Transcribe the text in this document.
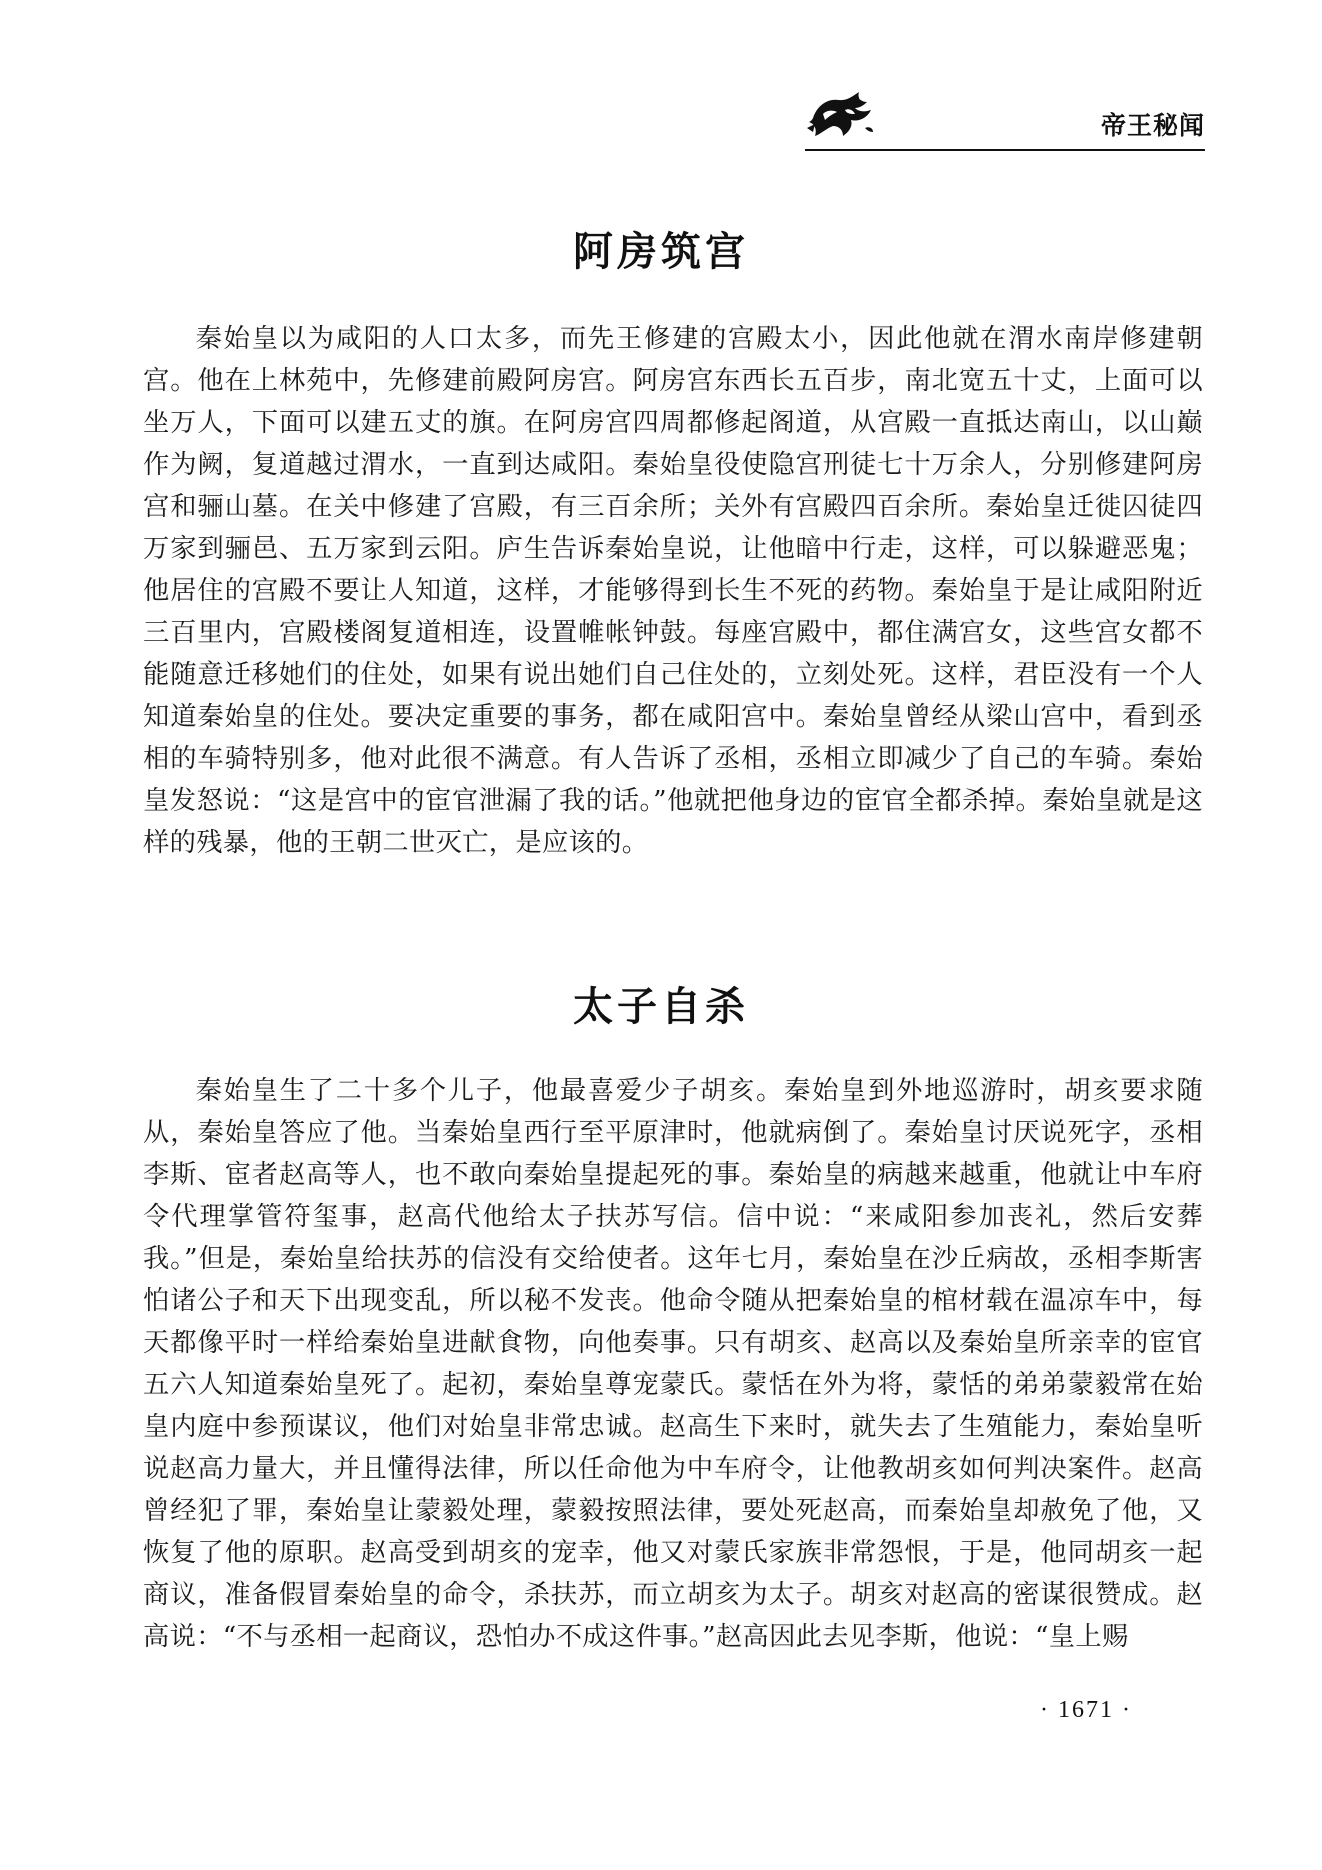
帝王秘闻
阿房筑宫

秦始皇以为咸阳的人口太多，而先王修建的宫殿太小，因此他就在渭水南岸修建朝宫。他在上林苑中，先修建前殿阿房宫。阿房宫东西长五百步，南北宽五十丈，上面可以坐万人，下面可以建五丈的旗。在阿房宫四周都修起阁道，从宫殿一直抵达南山，以山巅作为阙，复道越过渭水，一直到达咸阳。秦始皇役使隐宫刑徒七十万余人，分别修建阿房宫和骊山墓。在关中修建了宫殿，有三百余所；关外有宫殿四百余所。秦始皇迁徙囚徒四万家到骊邑、五万家到云阳。庐生告诉秦始皇说，让他暗中行走，这样，可以躲避恶鬼；他居住的宫殿不要让人知道，这样，才能够得到长生不死的药物。秦始皇于是让咸阳附近三百里内，宫殿楼阁复道相连，设置帷帐钟鼓。每座宫殿中，都住满宫女，这些宫女都不能随意迁移她们的住处，如果有说出她们自己住处的，立刻处死。这样，君臣没有一个人知道秦始皇的住处。要决定重要的事务，都在咸阳宫中。秦始皇曾经从梁山宫中，看到丞相的车骑特别多，他对此很不满意。有人告诉了丞相，丞相立即减少了自己的车骑。秦始皇发怒说：“这是宫中的宦官泄漏了我的话。”他就把他身边的宦官全都杀掉。秦始皇就是这样的残暴，他的王朝二世灭亡，是应该的。

太子自杀

秦始皇生了二十多个儿子，他最喜爱少子胡亥。秦始皇到外地巡游时，胡亥要求随从，秦始皇答应了他。当秦始皇西行至平原津时，他就病倒了。秦始皇讨厌说死字，丞相李斯、宦者赵高等人，也不敢向秦始皇提起死的事。秦始皇的病越来越重，他就让中车府令代理掌管符玺事，赵高代他给太子扶苏写信。信中说：“来咸阳参加丧礼，然后安葬我。”但是，秦始皇给扶苏的信没有交给使者。这年七月，秦始皇在沙丘病故，丞相李斯害怕诸公子和天下出现变乱，所以秘不发丧。他命令随从把秦始皇的棺材载在温凉车中，每天都像平时一样给秦始皇进献食物，向他奏事。只有胡亥、赵高以及秦始皇所亲幸的宦官五六人知道秦始皇死了。起初，秦始皇尊宠蒙氏。蒙恬在外为将，蒙恬的弟弟蒙毅常在始皇内庭中参预谋议，他们对始皇非常忠诚。赵高生下来时，就失去了生殖能力，秦始皇听说赵高力量大，并且懂得法律，所以任命他为中车府令，让他教胡亥如何判决案件。赵高曾经犯了罪，秦始皇让蒙毅处理，蒙毅按照法律，要处死赵高，而秦始皇却赦免了他，又恢复了他的原职。赵高受到胡亥的宠幸，他又对蒙氏家族非常怨恨，于是，他同胡亥一起商议，准备假冒秦始皇的命令，杀扶苏，而立胡亥为太子。胡亥对赵高的密谋很赞成。赵高说：“不与丞相一起商议，恐怕办不成这件事。”赵高因此去见李斯，他说：“皇上赐

· 1671 ·
